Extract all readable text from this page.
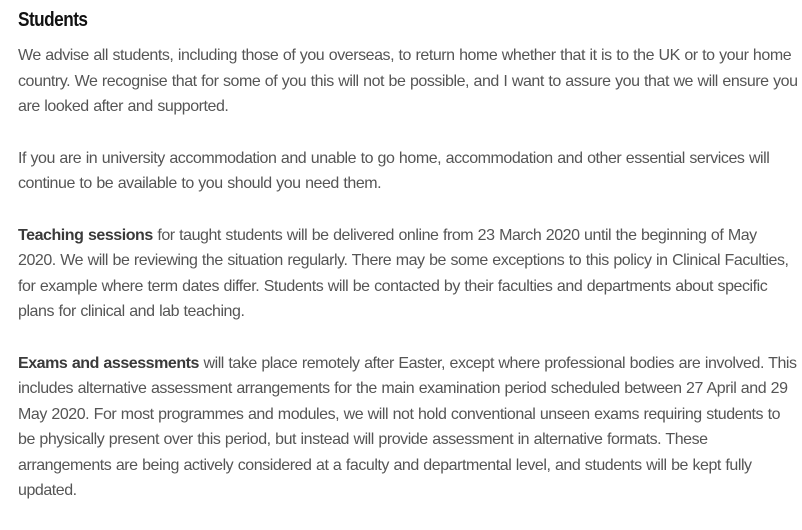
Students

We advise all students, including those of you overseas, to return home whether that it is to the UK or to your home country. We recognise that for some of you this will not be possible, and I want to assure you that we will ensure you are looked after and supported.

If you are in university accommodation and unable to go home, accommodation and other essential services will continue to be available to you should you need them.

Teaching sessions for taught students will be delivered online from 23 March 2020 until the beginning of May 2020. We will be reviewing the situation regularly. There may be some exceptions to this policy in Clinical Faculties, for example where term dates differ. Students will be contacted by their faculties and departments about specific plans for clinical and lab teaching.

Exams and assessments will take place remotely after Easter, except where professional bodies are involved. This includes alternative assessment arrangements for the main examination period scheduled between 27 April and 29 May 2020. For most programmes and modules, we will not hold conventional unseen exams requiring students to be physically present over this period, but instead will provide assessment in alternative formats. These arrangements are being actively considered at a faculty and departmental level, and students will be kept fully updated.
